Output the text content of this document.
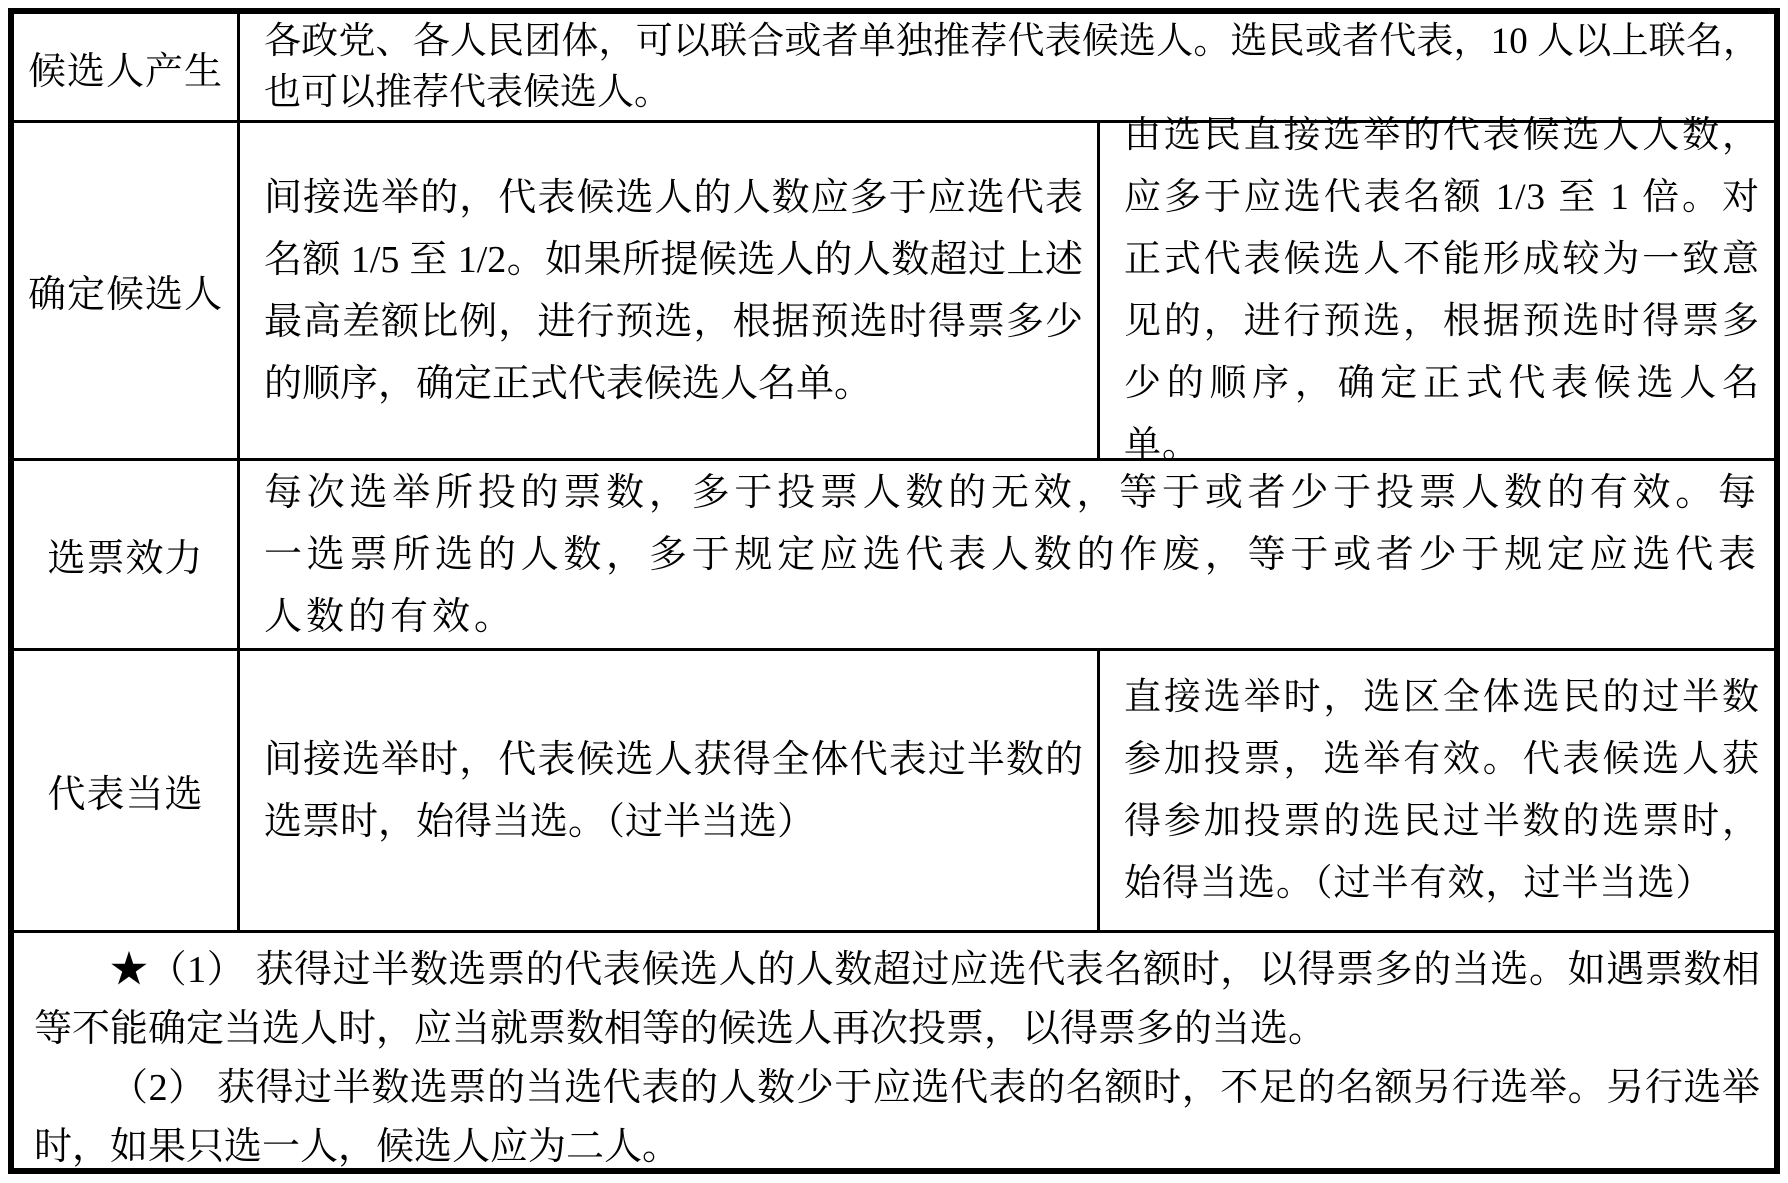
候选人产生
各政党、各人民团体，可以联合或者单独推荐代表候选人。选民或者代表，10 人以上联名，也可以推荐代表候选人。
确定候选人
间接选举的，代表候选人的人数应多于应选代表名额 1/5 至 1/2。如果所提候选人的人数超过上述最高差额比例，进行预选，根据预选时得票多少的顺序，确定正式代表候选人名单。
由选民直接选举的代表候选人人数，应多于应选代表名额 1/3 至 1 倍。对正式代表候选人不能形成较为一致意见的，进行预选，根据预选时得票多少的顺序，确定正式代表候选人名单。
选票效力
每次选举所投的票数，多于投票人数的无效，等于或者少于投票人数的有效。每一选票所选的人数，多于规定应选代表人数的作废，等于或者少于规定应选代表人数的有效。
代表当选
间接选举时，代表候选人获得全体代表过半数的选票时，始得当选。（过半当选）
直接选举时，选区全体选民的过半数参加投票，选举有效。代表候选人获得参加投票的选民过半数的选票时，始得当选。（过半有效，过半当选）

★（1） 获得过半数选票的代表候选人的人数超过应选代表名额时，以得票多的当选。如遇票数相等不能确定当选人时，应当就票数相等的候选人再次投票，以得票多的当选。

（2） 获得过半数选票的当选代表的人数少于应选代表的名额时，不足的名额另行选举。另行选举时，如果只选一人，候选人应为二人。
